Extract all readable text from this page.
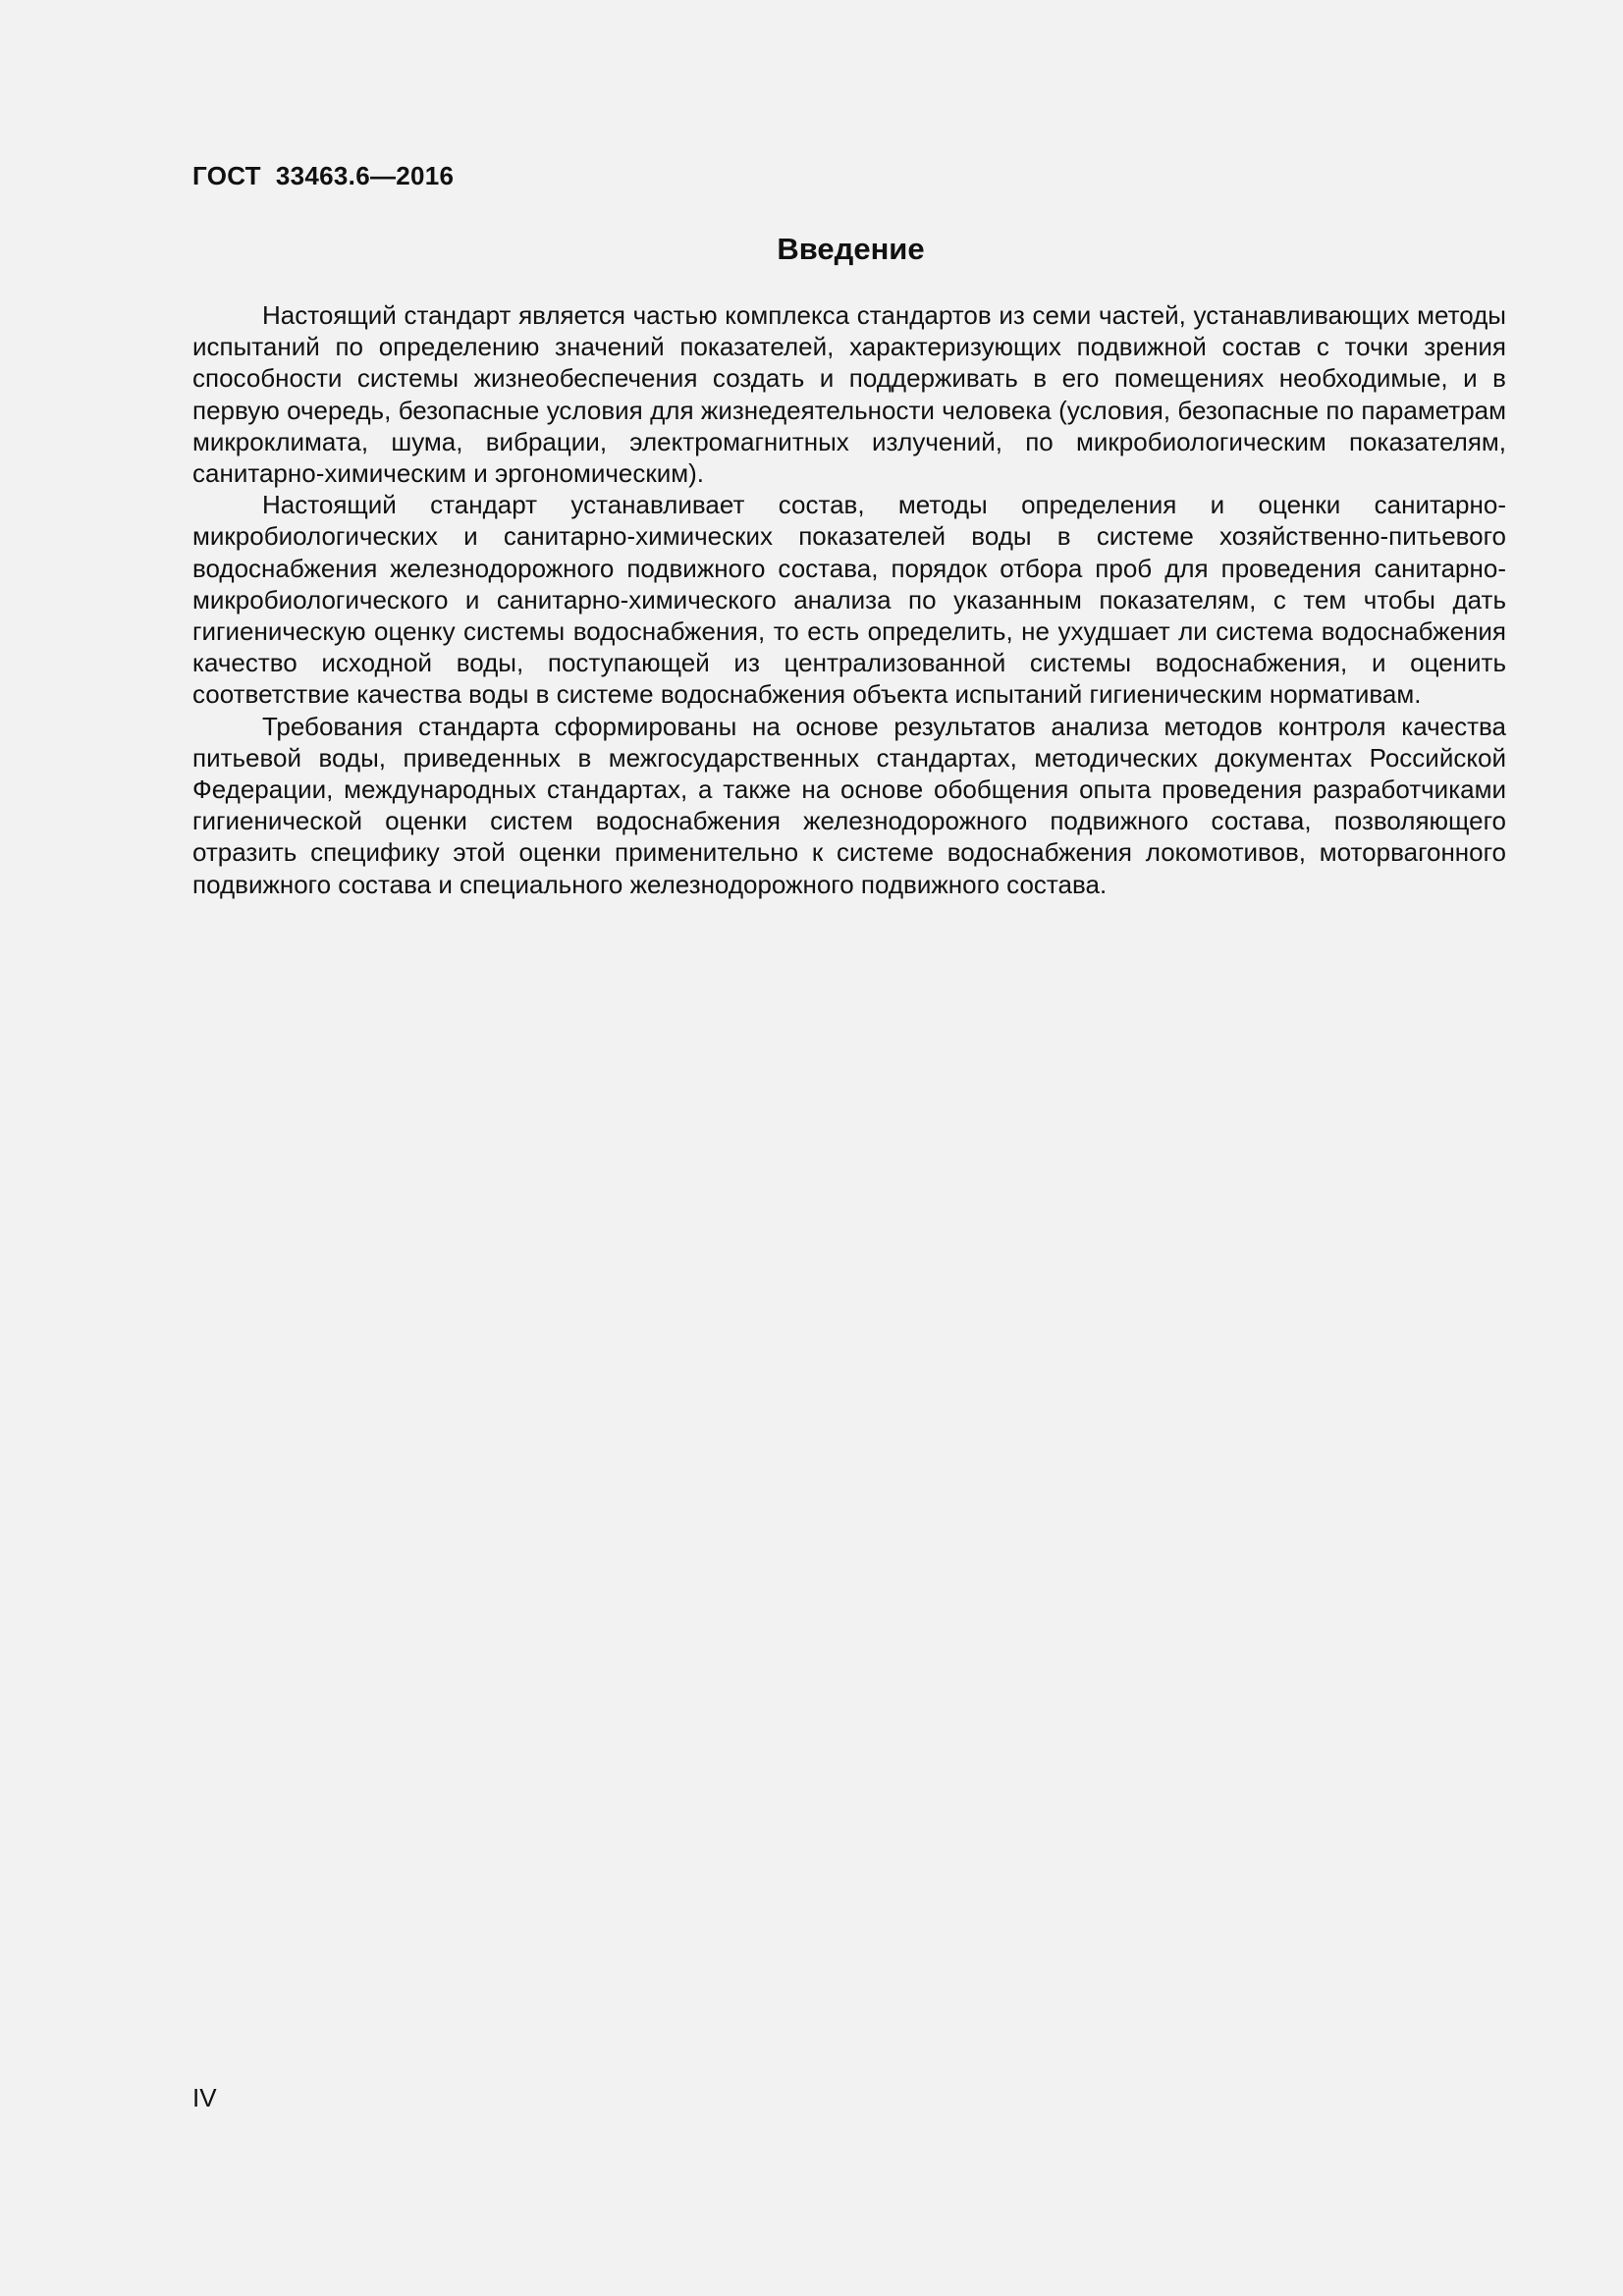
ГОСТ  33463.6—2016
Введение

Настоящий стандарт является частью комплекса стандартов из семи частей, устанавливающих методы испытаний по определению значений показателей, характеризующих подвижной состав с точки зрения способности системы жизнеобеспечения создать и поддерживать в его помещениях необходимые, и в первую очередь, безопасные условия для жизнедеятельности человека (условия, безопасные по параметрам микроклимата, шума, вибрации, электромагнитных излучений, по микробиологическим показателям, санитарно-химическим и эргономическим).

Настоящий стандарт устанавливает состав, методы определения и оценки санитарно-микробиологических и санитарно-химических показателей воды в системе хозяйственно-питьевого водоснабжения железнодорожного подвижного состава, порядок отбора проб для проведения санитарно-микробиологического и санитарно-химического анализа по указанным показателям, с тем чтобы дать гигиеническую оценку системы водоснабжения, то есть определить, не ухудшает ли система водоснабжения качество исходной воды, поступающей из централизованной системы водоснабжения, и оценить соответствие качества воды в системе водоснабжения объекта испытаний гигиеническим нормативам.

Требования стандарта сформированы на основе результатов анализа методов контроля качества питьевой воды, приведенных в межгосударственных стандартах, методических документах Российской Федерации, международных стандартах, а также на основе обобщения опыта проведения разработчиками гигиенической оценки систем водоснабжения железнодорожного подвижного состава, позволяющего отразить специфику этой оценки применительно к системе водоснабжения локомотивов, моторвагонного подвижного состава и специального железнодорожного подвижного состава.

IV
